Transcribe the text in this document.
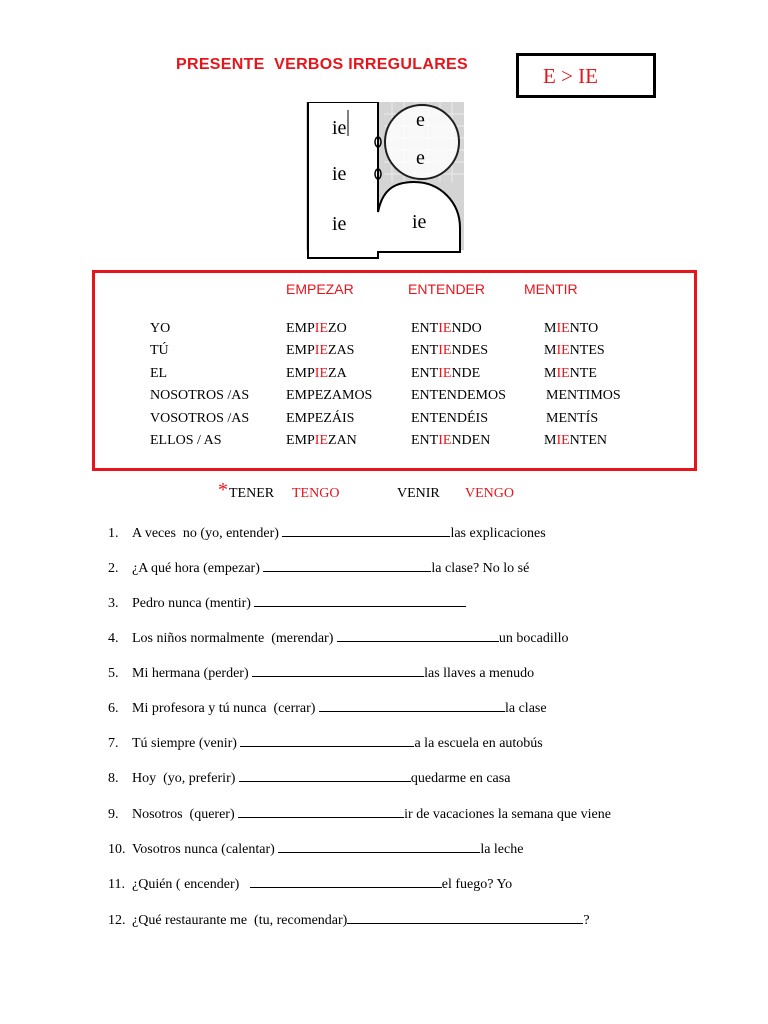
PRESENTE  VERBOS IRREGULARES	E > IE
ie
ie
ie
e
e
ie
EMPEZAR	ENTENDER	MENTIR
YO	EMPIEZO	ENTIENDO	MIENTO
TÚ	EMPIEZAS	ENTIENDES	MIENTES
EL	EMPIEZA	ENTIENDE	MIENTE
NOSOTROS /AS	EMPEZAMOS	ENTENDEMOS	MENTIMOS
VOSOTROS /AS	EMPEZÁIS	ENTENDÉIS	MENTÍS
ELLOS / AS	EMPIEZAN	ENTIENDEN	MIENTEN
* TENER TENGO	VENIR VENGO
1. A veces  no (yo, entender)	las explicaciones
2. ¿A qué hora (empezar)	la clase? No lo sé
3. Pedro nunca (mentir)
4. Los niños normalmente  (merendar)	un bocadillo
5. Mi hermana (perder)	las llaves a menudo
6. Mi profesora y tú nunca  (cerrar)	la clase
7. Tú siempre (venir)	a la escuela en autobús
8. Hoy  (yo, preferir)	quedarme en casa
9. Nosotros  (querer)	ir de vacaciones la semana que viene
10. Vosotros nunca (calentar)	la leche
11. ¿Quién ( encender)	el fuego? Yo
12. ¿Qué restaurante me  (tu, recomendar)	?
